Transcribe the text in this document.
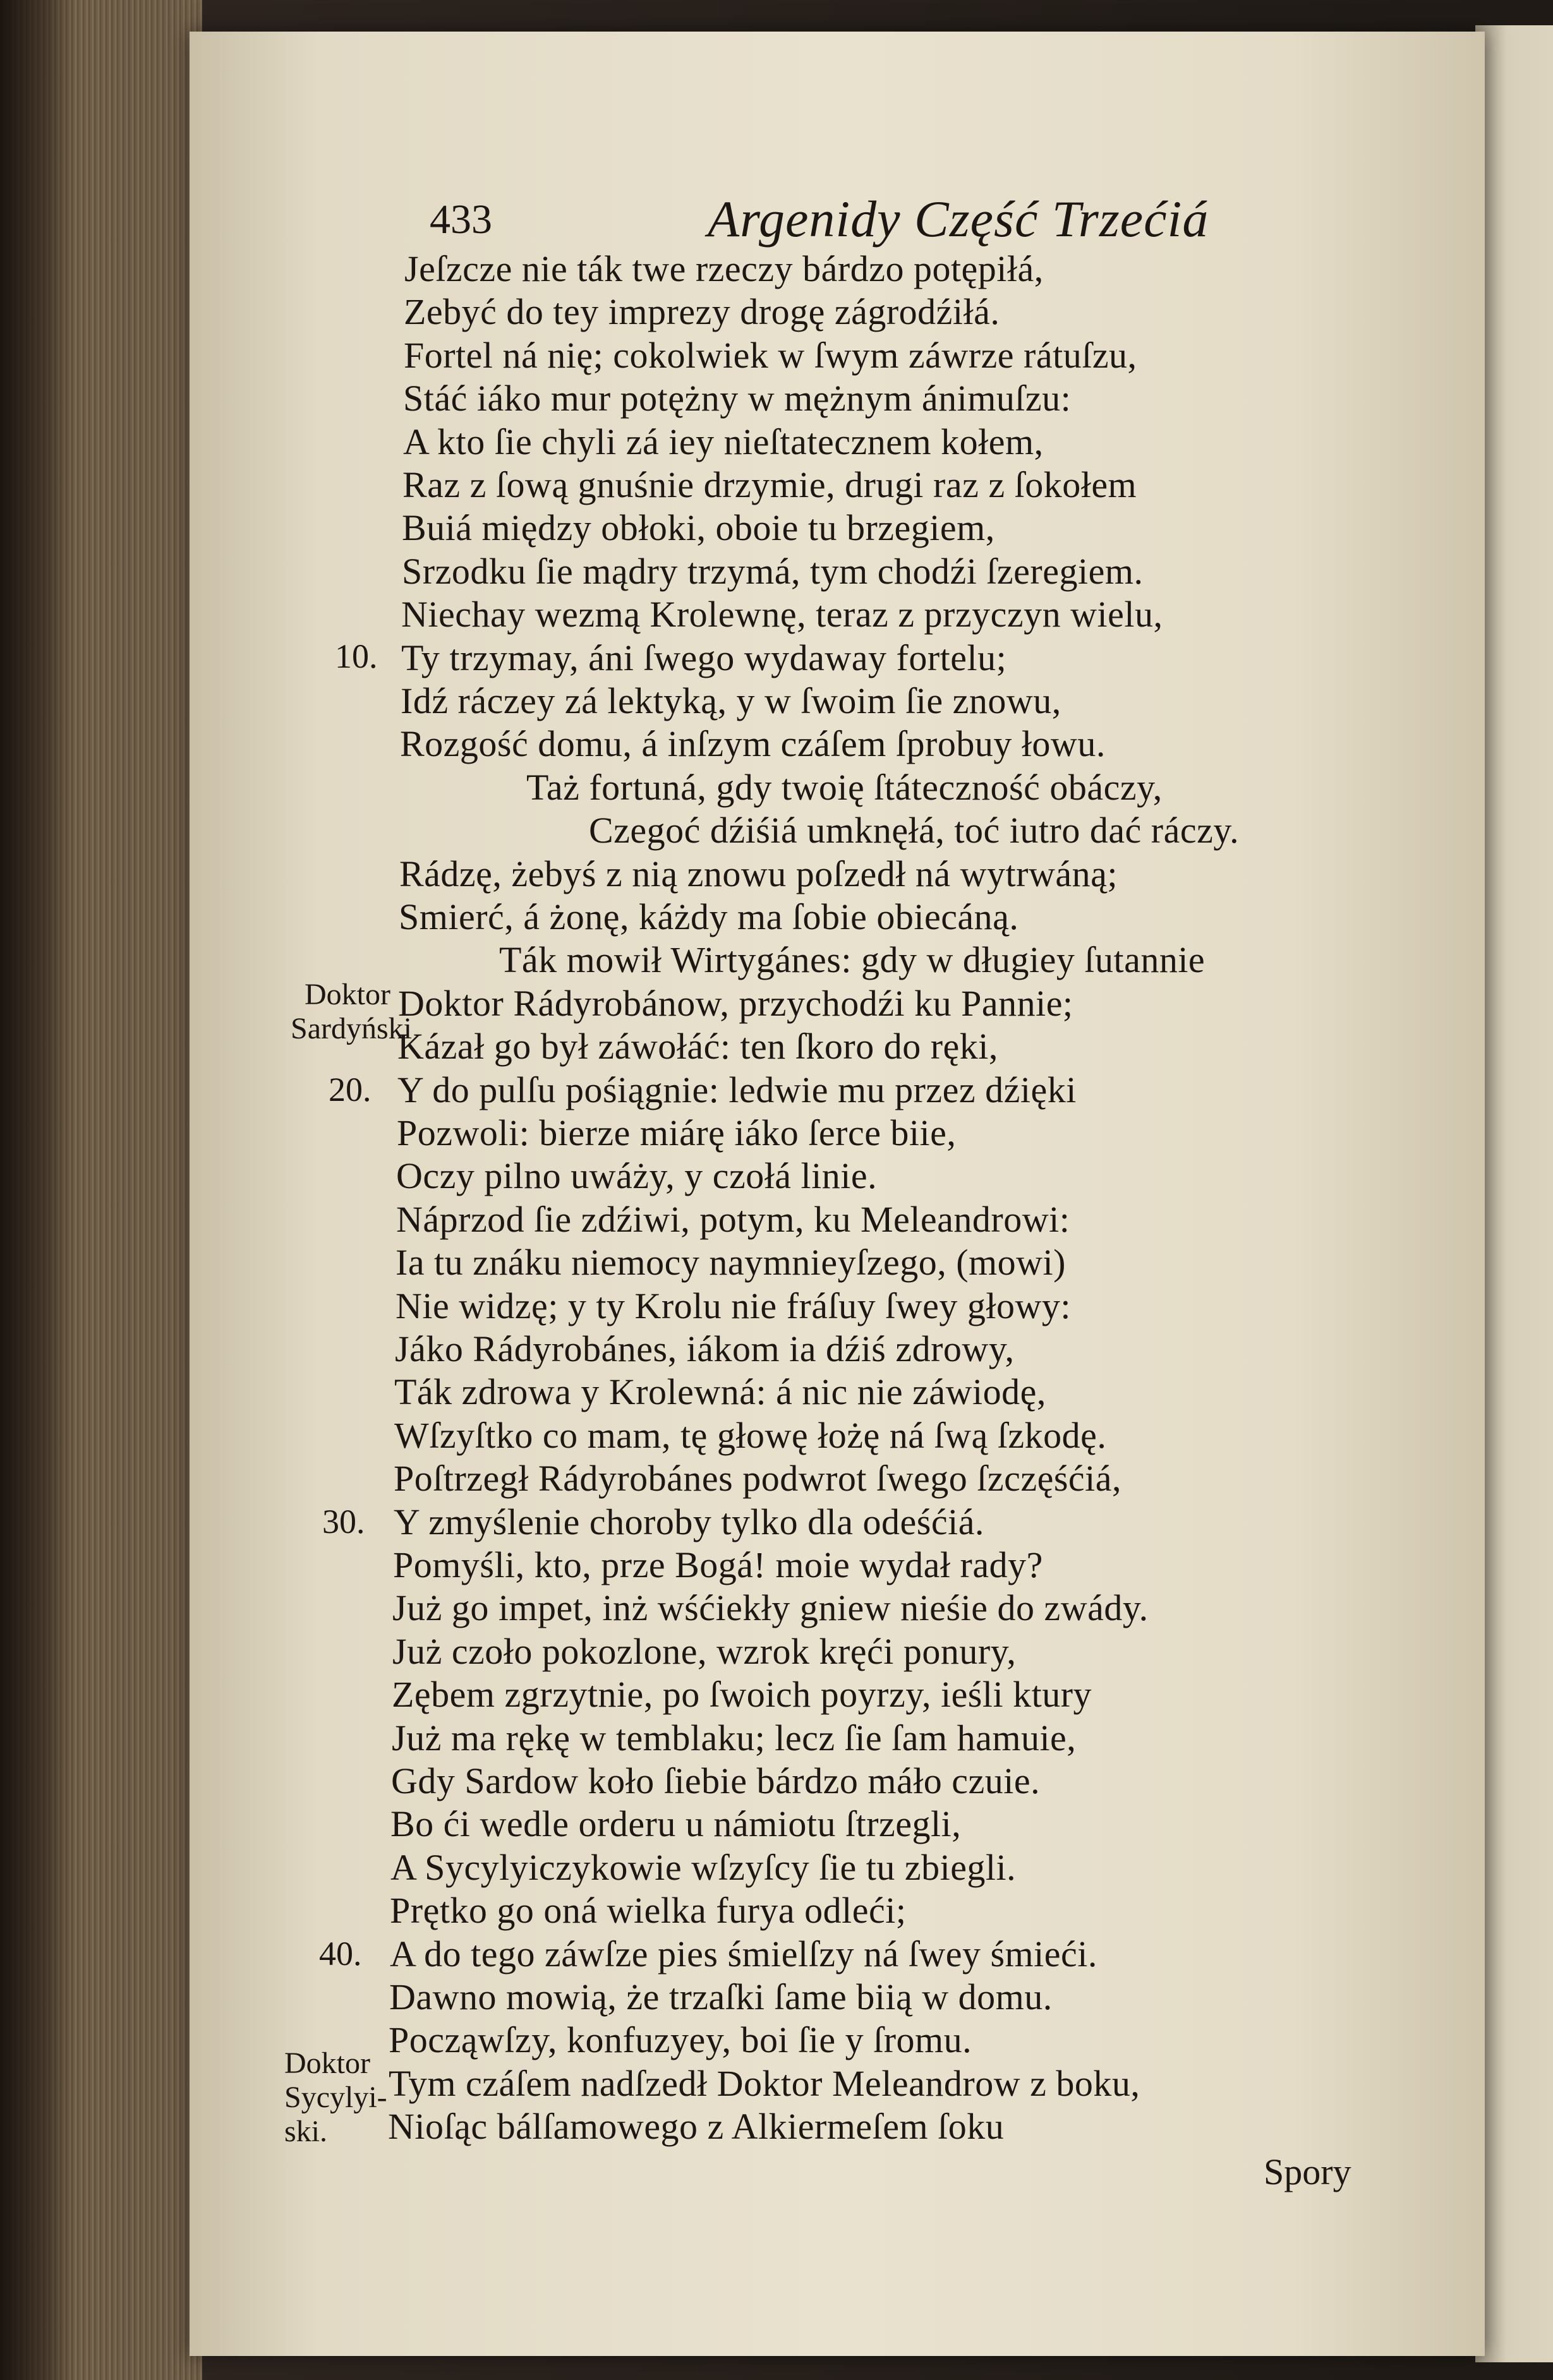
433	Argenidy Część Trzećiá
Jeſzcze nie ták twe rzeczy bárdzo potępiłá,
Zebyć do tey imprezy drogę zágrodźiłá.
Fortel ná nię; cokolwiek w ſwym záwrze rátuſzu,
Stáć iáko mur potężny w mężnym ánimuſzu:
A kto ſie chyli zá iey nieſtatecznem kołem,
Raz z ſową gnuśnie drzymie, drugi raz z ſokołem
Buiá między obłoki, oboie tu brzegiem,
Srzodku ſie mądry trzymá, tym chodźi ſzeregiem.
Niechay wezmą Krolewnę, teraz z przyczyn wielu,
Ty trzymay, áni ſwego wydaway fortelu;
Idź ráczey zá lektyką, y w ſwoim ſie znowu,
Rozgość domu, á inſzym czáſem ſprobuy łowu.
Taż fortuná, gdy twoię ſtáteczność obáczy,
Czegoć dźiśiá umknęłá, toć iutro dać ráczy.
Rádzę, żebyś z nią znowu poſzedł ná wytrwáną;
Smierć, á żonę, káżdy ma ſobie obiecáną.
Ták mowił Wirtygánes: gdy w długiey ſutannie
Doktor Rádyrobánow, przychodźi ku Pannie;
Kázał go był záwołáć: ten ſkoro do ręki,
Y do pulſu pośiągnie: ledwie mu przez dźięki
Pozwoli: bierze miárę iáko ſerce biie,
Oczy pilno uwáży, y czołá linie.
Náprzod ſie zdźiwi, potym, ku Meleandrowi:
Ia tu znáku niemocy naymnieyſzego, (mowi)
Nie widzę; y ty Krolu nie fráſuy ſwey głowy:
Jáko Rádyrobánes, iákom ia dźiś zdrowy,
Ták zdrowa y Krolewná: á nic nie záwiodę,
Wſzyſtko co mam, tę głowę łożę ná ſwą ſzkodę.
Poſtrzegł Rádyrobánes podwrot ſwego ſzczęśćiá,
Y zmyślenie choroby tylko dla odeśćiá.
Pomyśli, kto, prze Bogá! moie wydał rady?
Już go impet, inż wśćiekły gniew nieśie do zwády.
Już czoło pokozlone, wzrok kręći ponury,
Zębem zgrzytnie, po ſwoich poyrzy, ieśli ktury
Już ma rękę w temblaku; lecz ſie ſam hamuie,
Gdy Sardow koło ſiebie bárdzo máło czuie.
Bo ći wedle orderu u námiotu ſtrzegli,
A Sycylyiczykowie wſzyſcy ſie tu zbiegli.
Prętko go oná wielka furya odleći;
A do tego záwſze pies śmielſzy ná ſwey śmieći.
Dawno mowią, że trzaſki ſame biią w domu.
Począwſzy, konfuzyey, boi ſie y ſromu.
Tym czáſem nadſzedł Doktor Meleandrow z boku,
Nioſąc bálſamowego z Alkiermeſem ſoku
10.
20.
30.
40.
Doktor
Sardyński
Doktor
Sycylyi-
ski.
Spory
